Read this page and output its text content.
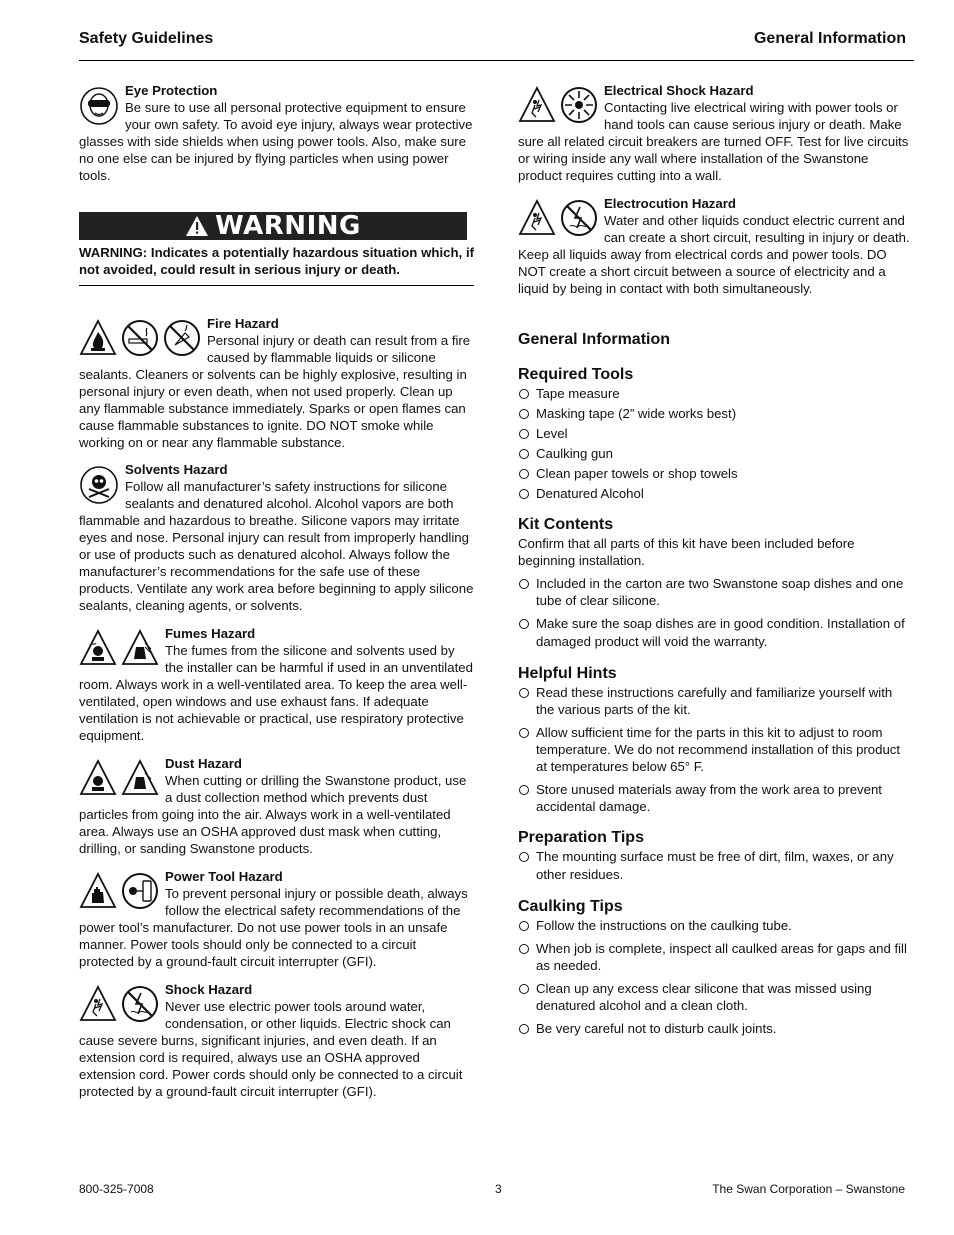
Safety Guidelines	General Information
Eye Protection
Be sure to use all personal protective equipment to ensure your own safety. To avoid eye injury, always wear protective glasses with side shields when using power tools. Also, make sure no one else can be injured by flying particles when using power tools.
WARNING
WARNING: Indicates a potentially hazardous situation which, if not avoided, could result in serious injury or death.
Fire Hazard
Personal injury or death can result from a fire caused by flammable liquids or silicone sealants. Cleaners or solvents can be highly explosive, resulting in personal injury or even death, when not used properly. Clean up any flammable substance immediately. Sparks or open flames can cause flammable substances to ignite. DO NOT smoke while working on or near any flammable substance.
Solvents Hazard
Follow all manufacturer’s safety instructions for silicone sealants and denatured alcohol. Alcohol vapors are both flammable and hazardous to breathe. Silicone vapors may irritate eyes and nose. Personal injury can result from improperly handling or use of products such as denatured alcohol. Always follow the manufacturer’s recommendations for the safe use of these products. Ventilate any work area before beginning to apply silicone sealants, cleaning agents, or solvents.
Fumes Hazard
The fumes from the silicone and solvents used by the installer can be harmful if used in an unventilated room. Always work in a well-ventilated area. To keep the area well-ventilated, open windows and use exhaust fans. If adequate ventilation is not achievable or practical, use respiratory protective equipment.
Dust Hazard
When cutting or drilling the Swanstone product, use a dust collection method which prevents dust particles from going into the air. Always work in a well-ventilated area. Always use an OSHA approved dust mask when cutting, drilling, or sanding Swanstone products.
Power Tool Hazard
To prevent personal injury or possible death, always follow the electrical safety recommendations of the power tool’s manufacturer. Do not use power tools in an unsafe manner. Power tools should only be connected to a circuit protected by a ground-fault circuit interrupter (GFI).
Shock Hazard
Never use electric power tools around water, condensation, or other liquids. Electric shock can cause severe burns, significant injuries, and even death. If an extension cord is required, always use an OSHA approved extension cord. Power cords should only be connected to a circuit protected by a ground-fault circuit interrupter (GFI).
Electrical Shock Hazard
Contacting live electrical wiring with power tools or hand tools can cause serious injury or death. Make sure all related circuit breakers are turned OFF. Test for live circuits or wiring inside any wall where installation of the Swanstone product requires cutting into a wall.
Electrocution Hazard
Water and other liquids conduct electric current and can create a short circuit, resulting in injury or death. Keep all liquids away from electrical cords and power tools. DO NOT create a short circuit between a source of electricity and a liquid by being in contact with both simultaneously.
General Information
Required Tools
Tape measure
Masking tape (2” wide works best)
Level
Caulking gun
Clean paper towels or shop towels
Denatured Alcohol
Kit Contents
Confirm that all parts of this kit have been included before beginning installation.
Included in the carton are two Swanstone soap dishes and one tube of clear silicone.
Make sure the soap dishes are in good condition. Installation of damaged product will void the warranty.
Helpful Hints
Read these instructions carefully and familiarize yourself with the various parts of the kit.
Allow sufficient time for the parts in this kit to adjust to room temperature. We do not recommend installation of this product at temperatures below 65° F.
Store unused materials away from the work area to prevent accidental damage.
Preparation Tips
The mounting surface must be free of dirt, film, waxes, or any other residues.
Caulking Tips
Follow the instructions on the caulking tube.
When job is complete, inspect all caulked areas for gaps and fill as needed.
Clean up any excess clear silicone that was missed using denatured alcohol and a clean cloth.
Be very careful not to disturb caulk joints.
800-325-7008	3	The Swan Corporation – Swanstone
